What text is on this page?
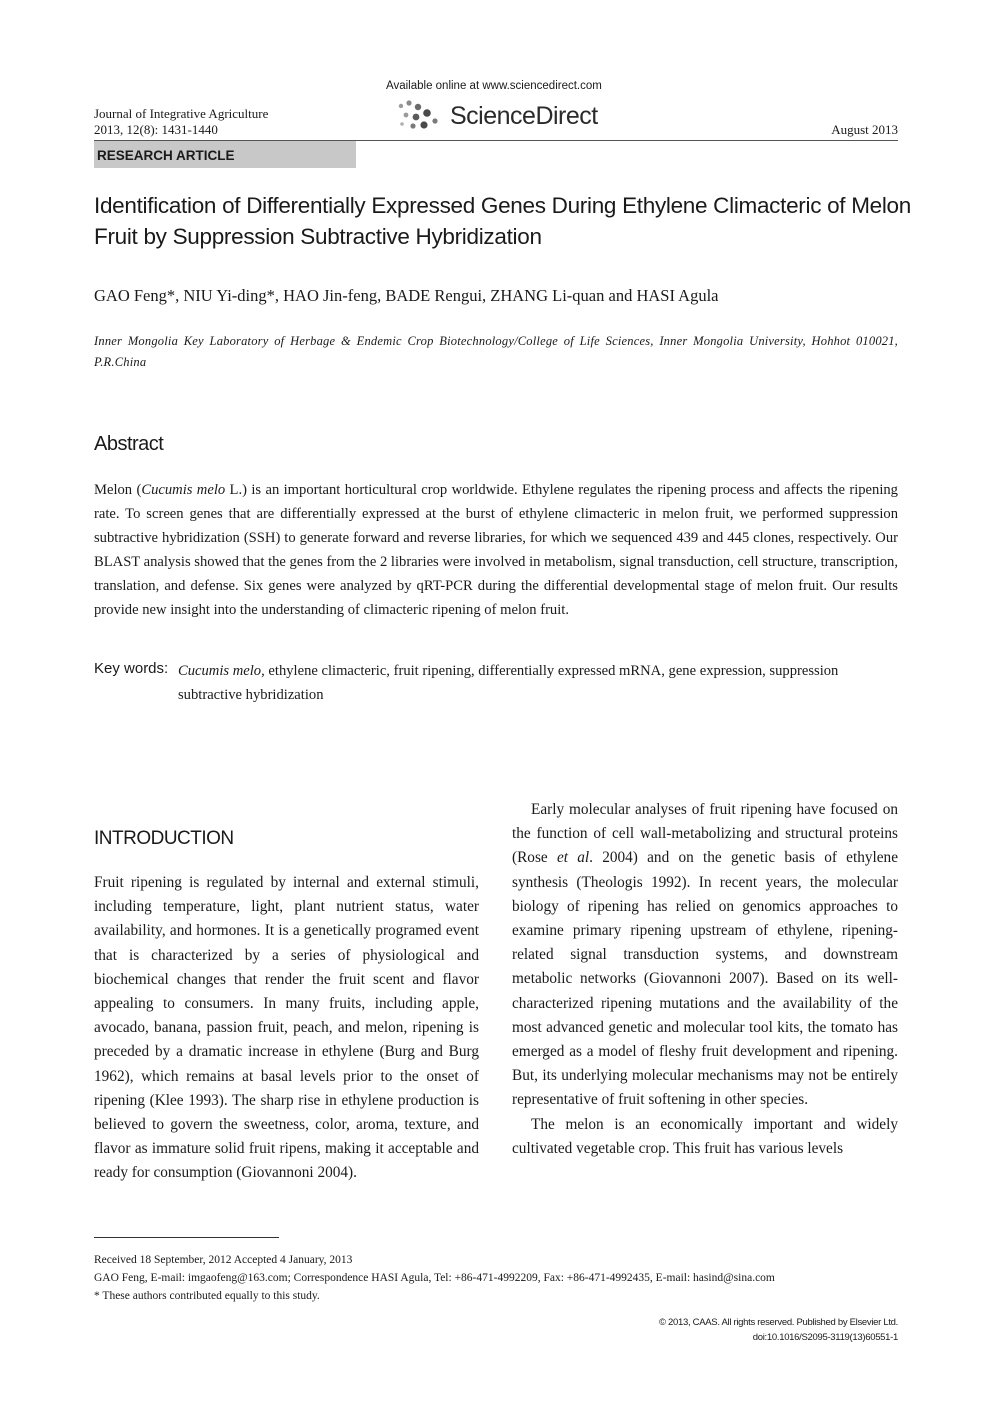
Journal of Integrative Agriculture
2013, 12(8): 1431-1440
Available online at www.sciencedirect.com
ScienceDirect	August 2013
RESEARCH ARTICLE
Identification of Differentially Expressed Genes During Ethylene Climacteric of Melon Fruit by Suppression Subtractive Hybridization
GAO Feng*, NIU Yi-ding*, HAO Jin-feng, BADE Rengui, ZHANG Li-quan and HASI Agula
Inner Mongolia Key Laboratory of Herbage & Endemic Crop Biotechnology/College of Life Sciences, Inner Mongolia University, Hohhot 010021, P.R.China
Abstract
Melon (Cucumis melo L.) is an important horticultural crop worldwide. Ethylene regulates the ripening process and affects the ripening rate. To screen genes that are differentially expressed at the burst of ethylene climacteric in melon fruit, we performed suppression subtractive hybridization (SSH) to generate forward and reverse libraries, for which we sequenced 439 and 445 clones, respectively. Our BLAST analysis showed that the genes from the 2 libraries were involved in metabolism, signal transduction, cell structure, transcription, translation, and defense. Six genes were analyzed by qRT-PCR during the differential developmental stage of melon fruit. Our results provide new insight into the understanding of climacteric ripening of melon fruit.
Key words: Cucumis melo, ethylene climacteric, fruit ripening, differentially expressed mRNA, gene expression, suppression subtractive hybridization
INTRODUCTION

Fruit ripening is regulated by internal and external stimuli, including temperature, light, plant nutrient status, water availability, and hormones. It is a genetically programed event that is characterized by a series of physiological and biochemical changes that render the fruit scent and flavor appealing to consumers. In many fruits, including apple, avocado, banana, passion fruit, peach, and melon, ripening is preceded by a dramatic increase in ethylene (Burg and Burg 1962), which remains at basal levels prior to the onset of ripening (Klee 1993). The sharp rise in ethylene production is believed to govern the sweetness, color, aroma, texture, and flavor as immature solid fruit ripens, making it acceptable and ready for consumption (Giovannoni 2004).

Early molecular analyses of fruit ripening have focused on the function of cell wall-metabolizing and structural proteins (Rose et al. 2004) and on the genetic basis of ethylene synthesis (Theologis 1992). In recent years, the molecular biology of ripening has relied on genomics approaches to examine primary ripening upstream of ethylene, ripening-related signal transduction systems, and downstream metabolic networks (Giovannoni 2007). Based on its well-characterized ripening mutations and the availability of the most advanced genetic and molecular tool kits, the tomato has emerged as a model of fleshy fruit development and ripening. But, its underlying molecular mechanisms may not be entirely representative of fruit softening in other species.

The melon is an economically important and widely cultivated vegetable crop. This fruit has various levels

Received 18 September, 2012 Accepted 4 January, 2013
GAO Feng, E-mail: imgaofeng@163.com; Correspondence HASI Agula, Tel: +86-471-4992209, Fax: +86-471-4992435, E-mail: hasind@sina.com
* These authors contributed equally to this study.
© 2013, CAAS. All rights reserved. Published by Elsevier Ltd.
doi:10.1016/S2095-3119(13)60551-1
